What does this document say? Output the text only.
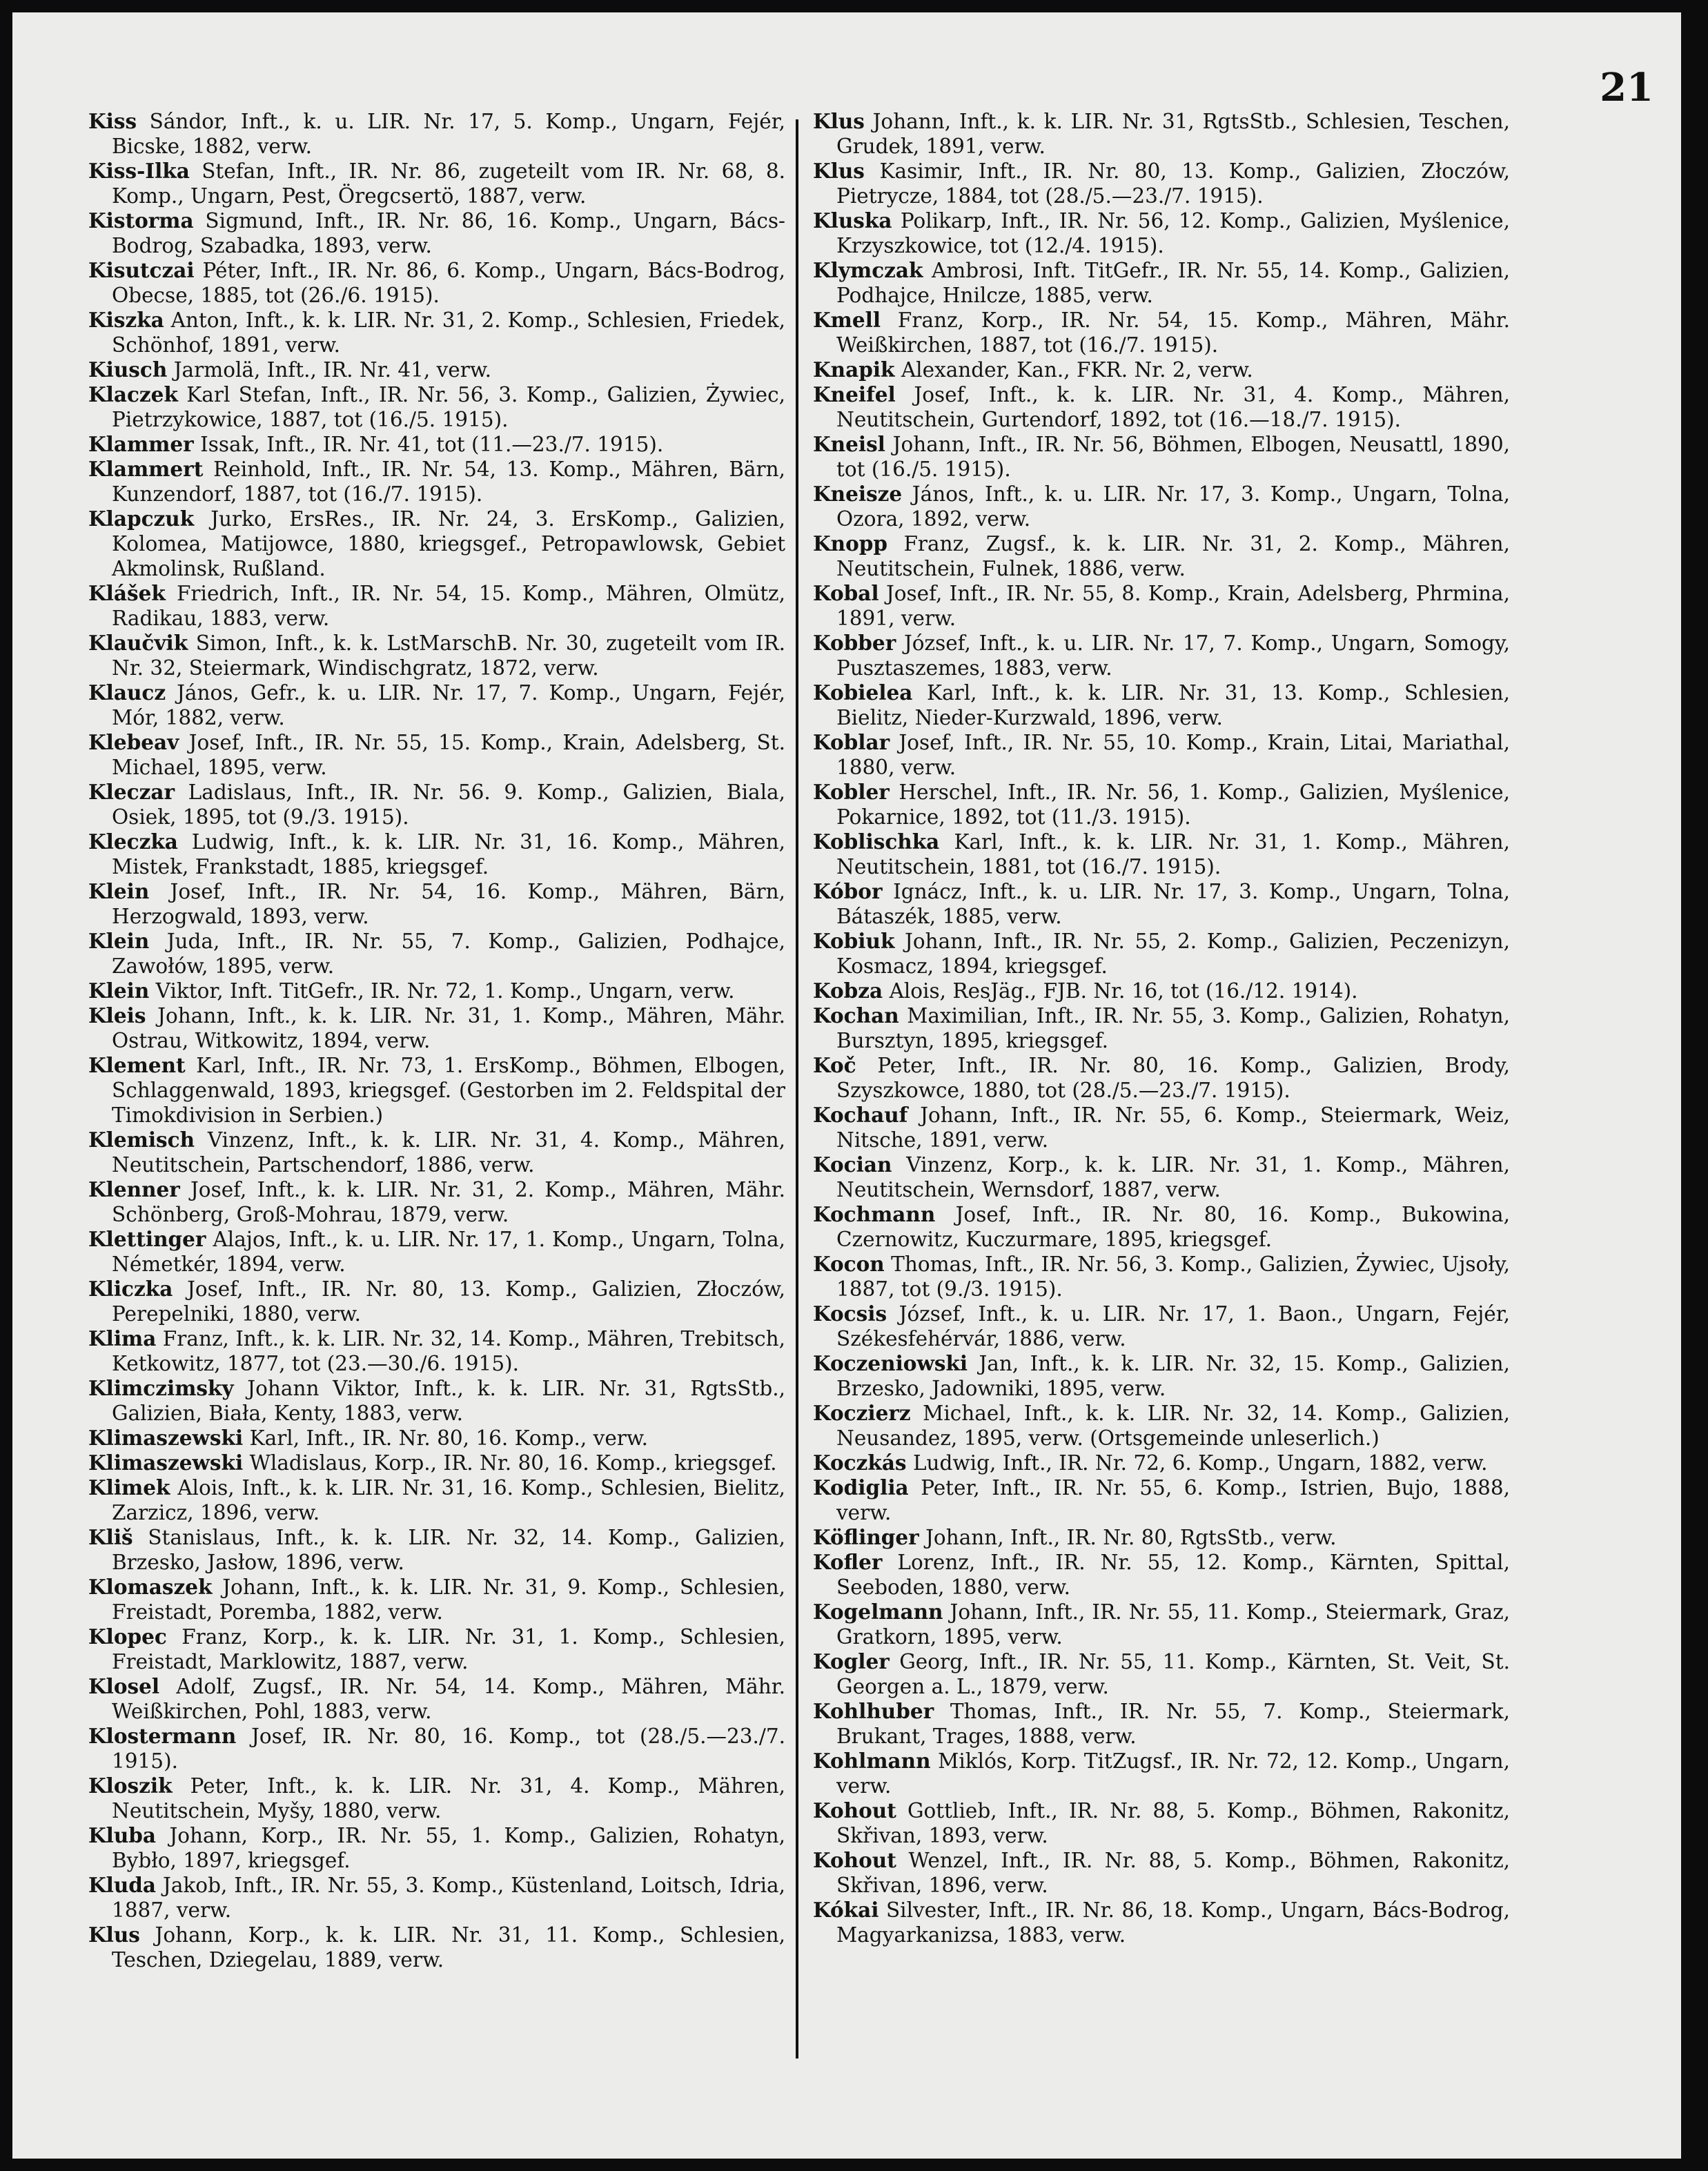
21

Kiss Sándor, Inft., k. u. LIR. Nr. 17, 5. Komp., Ungarn, Fejér, Bicske, 1882, verw.

Kiss-Ilka Stefan, Inft., IR. Nr. 86, zugeteilt vom IR. Nr. 68, 8. Komp., Ungarn, Pest, Öregcsertö, 1887, verw.

Kistorma Sigmund, Inft., IR. Nr. 86, 16. Komp., Ungarn, Bács-Bodrog, Szabadka, 1893, verw.

Kisutczai Péter, Inft., IR. Nr. 86, 6. Komp., Ungarn, Bács-Bodrog, Obecse, 1885, tot (26./6. 1915).

Kiszka Anton, Inft., k. k. LIR. Nr. 31, 2. Komp., Schlesien, Friedek, Schönhof, 1891, verw.

Kiusch Jarmolä, Inft., IR. Nr. 41, verw.

Klaczek Karl Stefan, Inft., IR. Nr. 56, 3. Komp., Galizien, Żywiec, Pietrzykowice, 1887, tot (16./5. 1915).

Klammer Issak, Inft., IR. Nr. 41, tot (11.—23./7. 1915).

Klammert Reinhold, Inft., IR. Nr. 54, 13. Komp., Mähren, Bärn, Kunzendorf, 1887, tot (16./7. 1915).

Klapczuk Jurko, ErsRes., IR. Nr. 24, 3. ErsKomp., Galizien, Kolomea, Matijowce, 1880, kriegsgef., Petropawlowsk, Gebiet Akmolinsk, Rußland.

Klášek Friedrich, Inft., IR. Nr. 54, 15. Komp., Mähren, Olmütz, Radikau, 1883, verw.

Klaučvik Simon, Inft., k. k. LstMarschB. Nr. 30, zugeteilt vom IR. Nr. 32, Steiermark, Windischgratz, 1872, verw.

Klaucz János, Gefr., k. u. LIR. Nr. 17, 7. Komp., Ungarn, Fejér, Mór, 1882, verw.

Klebeav Josef, Inft., IR. Nr. 55, 15. Komp., Krain, Adelsberg, St. Michael, 1895, verw.

Kleczar Ladislaus, Inft., IR. Nr. 56. 9. Komp., Galizien, Biala, Osiek, 1895, tot (9./3. 1915).

Kleczka Ludwig, Inft., k. k. LIR. Nr. 31, 16. Komp., Mähren, Mistek, Frankstadt, 1885, kriegsgef.

Klein Josef, Inft., IR. Nr. 54, 16. Komp., Mähren, Bärn, Herzogwald, 1893, verw.

Klein Juda, Inft., IR. Nr. 55, 7. Komp., Galizien, Podhajce, Zawołów, 1895, verw.

Klein Viktor, Inft. TitGefr., IR. Nr. 72, 1. Komp., Ungarn, verw.

Kleis Johann, Inft., k. k. LIR. Nr. 31, 1. Komp., Mähren, Mähr. Ostrau, Witkowitz, 1894, verw.

Klement Karl, Inft., IR. Nr. 73, 1. ErsKomp., Böhmen, Elbogen, Schlaggenwald, 1893, kriegsgef. (Gestorben im 2. Feldspital der Timokdivision in Serbien.)

Klemisch Vinzenz, Inft., k. k. LIR. Nr. 31, 4. Komp., Mähren, Neutitschein, Partschendorf, 1886, verw.

Klenner Josef, Inft., k. k. LIR. Nr. 31, 2. Komp., Mähren, Mähr. Schönberg, Groß-Mohrau, 1879, verw.

Klettinger Alajos, Inft., k. u. LIR. Nr. 17, 1. Komp., Ungarn, Tolna, Németkér, 1894, verw.

Kliczka Josef, Inft., IR. Nr. 80, 13. Komp., Galizien, Złoczów, Perepelniki, 1880, verw.

Klima Franz, Inft., k. k. LIR. Nr. 32, 14. Komp., Mähren, Trebitsch, Ketkowitz, 1877, tot (23.—30./6. 1915).

Klimczimsky Johann Viktor, Inft., k. k. LIR. Nr. 31, RgtsStb., Galizien, Biała, Kenty, 1883, verw.

Klimaszewski Karl, Inft., IR. Nr. 80, 16. Komp., verw.

Klimaszewski Wladislaus, Korp., IR. Nr. 80, 16. Komp., kriegsgef.

Klimek Alois, Inft., k. k. LIR. Nr. 31, 16. Komp., Schlesien, Bielitz, Zarzicz, 1896, verw.

Kliš Stanislaus, Inft., k. k. LIR. Nr. 32, 14. Komp., Galizien, Brzesko, Jasłow, 1896, verw.

Klomaszek Johann, Inft., k. k. LIR. Nr. 31, 9. Komp., Schlesien, Freistadt, Poremba, 1882, verw.

Klopec Franz, Korp., k. k. LIR. Nr. 31, 1. Komp., Schlesien, Freistadt, Marklowitz, 1887, verw.

Klosel Adolf, Zugsf., IR. Nr. 54, 14. Komp., Mähren, Mähr. Weißkirchen, Pohl, 1883, verw.

Klostermann Josef, IR. Nr. 80, 16. Komp., tot (28./5.—23./7. 1915).

Kloszik Peter, Inft., k. k. LIR. Nr. 31, 4. Komp., Mähren, Neutitschein, Myšy, 1880, verw.

Kluba Johann, Korp., IR. Nr. 55, 1. Komp., Galizien, Rohatyn, Bybło, 1897, kriegsgef.

Kluda Jakob, Inft., IR. Nr. 55, 3. Komp., Küstenland, Loitsch, Idria, 1887, verw.

Klus Johann, Korp., k. k. LIR. Nr. 31, 11. Komp., Schlesien, Teschen, Dziegelau, 1889, verw.

Klus Johann, Inft., k. k. LIR. Nr. 31, RgtsStb., Schlesien, Teschen, Grudek, 1891, verw.

Klus Kasimir, Inft., IR. Nr. 80, 13. Komp., Galizien, Złoczów, Pietrycze, 1884, tot (28./5.—23./7. 1915).

Kluska Polikarp, Inft., IR. Nr. 56, 12. Komp., Galizien, Myślenice, Krzyszkowice, tot (12./4. 1915).

Klymczak Ambrosi, Inft. TitGefr., IR. Nr. 55, 14. Komp., Galizien, Podhajce, Hnilcze, 1885, verw.

Kmell Franz, Korp., IR. Nr. 54, 15. Komp., Mähren, Mähr. Weißkirchen, 1887, tot (16./7. 1915).

Knapik Alexander, Kan., FKR. Nr. 2, verw.

Kneifel Josef, Inft., k. k. LIR. Nr. 31, 4. Komp., Mähren, Neutitschein, Gurtendorf, 1892, tot (16.—18./7. 1915).

Kneisl Johann, Inft., IR. Nr. 56, Böhmen, Elbogen, Neusattl, 1890, tot (16./5. 1915).

Kneisze János, Inft., k. u. LIR. Nr. 17, 3. Komp., Ungarn, Tolna, Ozora, 1892, verw.

Knopp Franz, Zugsf., k. k. LIR. Nr. 31, 2. Komp., Mähren, Neutitschein, Fulnek, 1886, verw.

Kobal Josef, Inft., IR. Nr. 55, 8. Komp., Krain, Adelsberg, Phrmina, 1891, verw.

Kobber József, Inft., k. u. LIR. Nr. 17, 7. Komp., Ungarn, Somogy, Pusztaszemes, 1883, verw.

Kobielea Karl, Inft., k. k. LIR. Nr. 31, 13. Komp., Schlesien, Bielitz, Nieder-Kurzwald, 1896, verw.

Koblar Josef, Inft., IR. Nr. 55, 10. Komp., Krain, Litai, Mariathal, 1880, verw.

Kobler Herschel, Inft., IR. Nr. 56, 1. Komp., Galizien, Myślenice, Pokarnice, 1892, tot (11./3. 1915).

Koblischka Karl, Inft., k. k. LIR. Nr. 31, 1. Komp., Mähren, Neutitschein, 1881, tot (16./7. 1915).

Kóbor Ignácz, Inft., k. u. LIR. Nr. 17, 3. Komp., Ungarn, Tolna, Bátaszék, 1885, verw.

Kobiuk Johann, Inft., IR. Nr. 55, 2. Komp., Galizien, Peczenizyn, Kosmacz, 1894, kriegsgef.

Kobza Alois, ResJäg., FJB. Nr. 16, tot (16./12. 1914).

Kochan Maximilian, Inft., IR. Nr. 55, 3. Komp., Galizien, Rohatyn, Bursztyn, 1895, kriegsgef.

Koč Peter, Inft., IR. Nr. 80, 16. Komp., Galizien, Brody, Szyszkowce, 1880, tot (28./5.—23./7. 1915).

Kochauf Johann, Inft., IR. Nr. 55, 6. Komp., Steiermark, Weiz, Nitsche, 1891, verw.

Kocian Vinzenz, Korp., k. k. LIR. Nr. 31, 1. Komp., Mähren, Neutitschein, Wernsdorf, 1887, verw.

Kochmann Josef, Inft., IR. Nr. 80, 16. Komp., Bukowina, Czernowitz, Kuczurmare, 1895, kriegsgef.

Kocon Thomas, Inft., IR. Nr. 56, 3. Komp., Galizien, Żywiec, Ujsoły, 1887, tot (9./3. 1915).

Kocsis József, Inft., k. u. LIR. Nr. 17, 1. Baon., Ungarn, Fejér, Székesfehérvár, 1886, verw.

Koczeniowski Jan, Inft., k. k. LIR. Nr. 32, 15. Komp., Galizien, Brzesko, Jadowniki, 1895, verw.

Koczierz Michael, Inft., k. k. LIR. Nr. 32, 14. Komp., Galizien, Neusandez, 1895, verw. (Ortsgemeinde unleserlich.)

Koczkás Ludwig, Inft., IR. Nr. 72, 6. Komp., Ungarn, 1882, verw.

Kodiglia Peter, Inft., IR. Nr. 55, 6. Komp., Istrien, Bujo, 1888, verw.

Köflinger Johann, Inft., IR. Nr. 80, RgtsStb., verw.

Kofler Lorenz, Inft., IR. Nr. 55, 12. Komp., Kärnten, Spittal, Seeboden, 1880, verw.

Kogelmann Johann, Inft., IR. Nr. 55, 11. Komp., Steiermark, Graz, Gratkorn, 1895, verw.

Kogler Georg, Inft., IR. Nr. 55, 11. Komp., Kärnten, St. Veit, St. Georgen a. L., 1879, verw.

Kohlhuber Thomas, Inft., IR. Nr. 55, 7. Komp., Steiermark, Brukant, Trages, 1888, verw.

Kohlmann Miklós, Korp. TitZugsf., IR. Nr. 72, 12. Komp., Ungarn, verw.

Kohout Gottlieb, Inft., IR. Nr. 88, 5. Komp., Böhmen, Rakonitz, Skřivan, 1893, verw.

Kohout Wenzel, Inft., IR. Nr. 88, 5. Komp., Böhmen, Rakonitz, Skřivan, 1896, verw.

Kókai Silvester, Inft., IR. Nr. 86, 18. Komp., Ungarn, Bács-Bodrog, Magyarkanizsa, 1883, verw.
